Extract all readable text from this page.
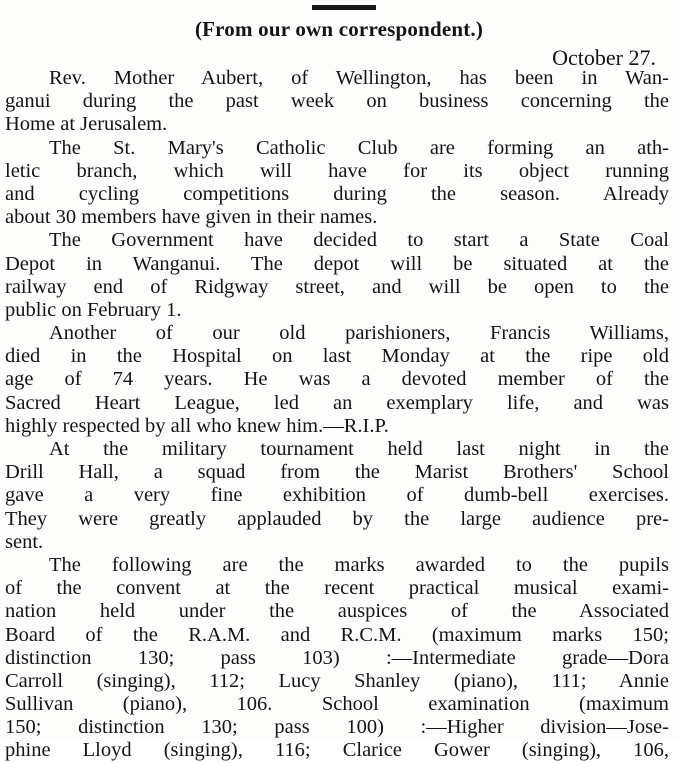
(From our own correspondent.)
October 27.
Rev. Mother Aubert, of Wellington, has been in Wan-
ganui during the past week on business concerning the
Home at Jerusalem.
The St. Mary's Catholic Club are forming an ath-
letic branch, which will have for its object running
and cycling competitions during the season. Already
about 30 members have given in their names.
The Government have decided to start a State Coal
Depot in Wanganui. The depot will be situated at the
railway end of Ridgway street, and will be open to the
public on February 1.
Another of our old parishioners, Francis Williams,
died in the Hospital on last Monday at the ripe old
age of 74 years. He was a devoted member of the
Sacred Heart League, led an exemplary life, and was
highly respected by all who knew him.—R.I.P.
At the military tournament held last night in the
Drill Hall, a squad from the Marist Brothers' School
gave a very fine exhibition of dumb-bell exercises.
They were greatly applauded by the large audience pre-
sent.
The following are the marks awarded to the pupils
of the convent at the recent practical musical exami-
nation held under the auspices of the Associated
Board of the R.A.M. and R.C.M. (maximum marks 150;
distinction 130; pass 103) :—Intermediate grade—Dora
Carroll (singing), 112; Lucy Shanley (piano), 111; Annie
Sullivan (piano), 106. School examination (maximum
150; distinction 130; pass 100) :—Higher division—Jose-
phine Lloyd (singing), 116; Clarice Gower (singing), 106,
